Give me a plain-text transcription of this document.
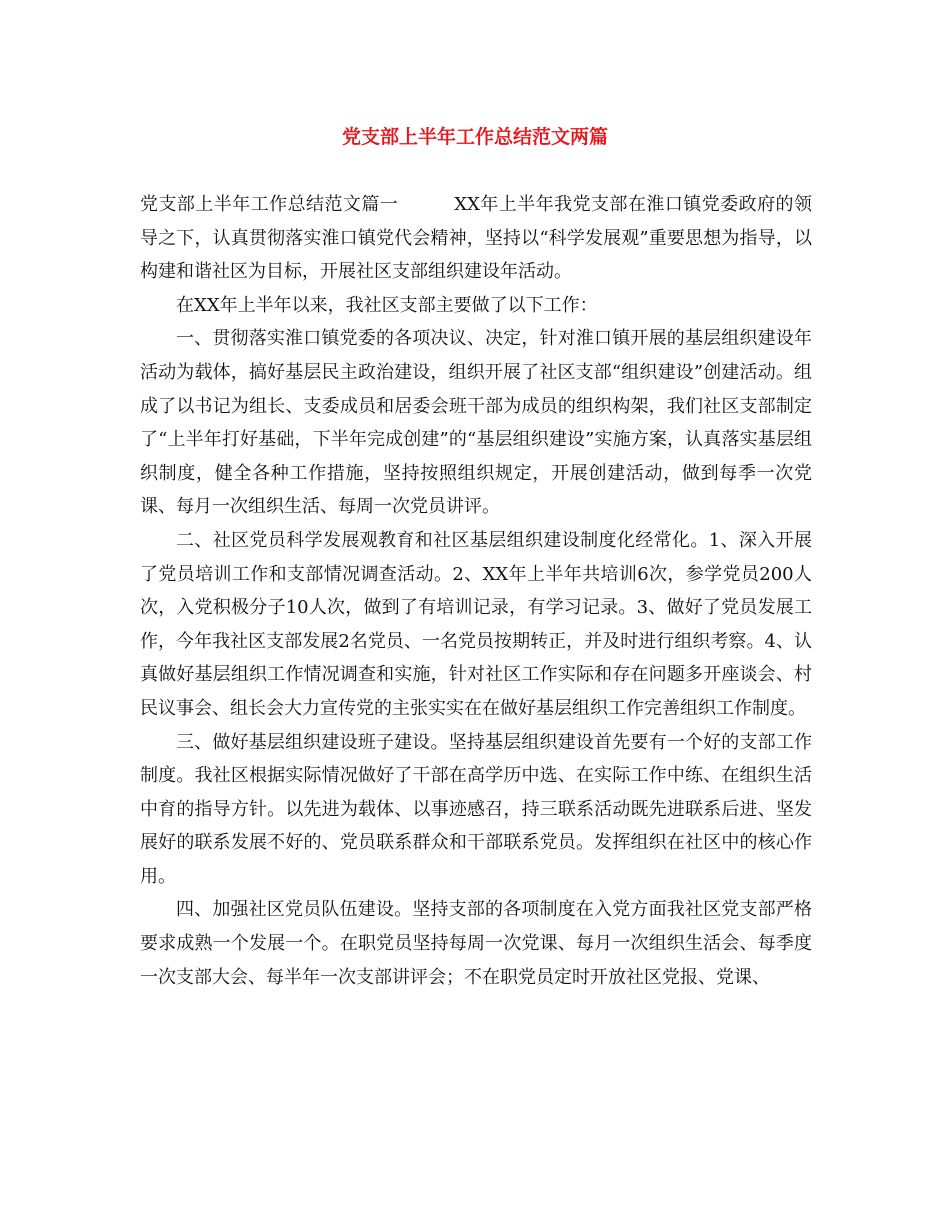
党支部上半年工作总结范文两篇

党支部上半年工作总结范文篇一	XX年上半年我党支部在淮口镇党委政府的领导之下，认真贯彻落实淮口镇党代会精神，坚持以“科学发展观”重要思想为指导，以构建和谐社区为目标，开展社区支部组织建设年活动。

在XX年上半年以来，我社区支部主要做了以下工作：

一、贯彻落实淮口镇党委的各项决议、决定，针对淮口镇开展的基层组织建设年活动为载体，搞好基层民主政治建设，组织开展了社区支部“组织建设”创建活动。组成了以书记为组长、支委成员和居委会班干部为成员的组织构架，我们社区支部制定了“上半年打好基础，下半年完成创建”的“基层组织建设”实施方案，认真落实基层组织制度，健全各种工作措施，坚持按照组织规定，开展创建活动，做到每季一次党课、每月一次组织生活、每周一次党员讲评。

二、社区党员科学发展观教育和社区基层组织建设制度化经常化。1、深入开展了党员培训工作和支部情况调查活动。2、XX年上半年共培训6次，参学党员200人次，入党积极分子10人次，做到了有培训记录，有学习记录。3、做好了党员发展工作，今年我社区支部发展2名党员、一名党员按期转正，并及时进行组织考察。4、认真做好基层组织工作情况调查和实施，针对社区工作实际和存在问题多开座谈会、村民议事会、组长会大力宣传党的主张实实在在做好基层组织工作完善组织工作制度。

三、做好基层组织建设班子建设。坚持基层组织建设首先要有一个好的支部工作制度。我社区根据实际情况做好了干部在高学历中选、在实际工作中练、在组织生活中育的指导方针。以先进为载体、以事迹感召，持三联系活动既先进联系后进、坚发展好的联系发展不好的、党员联系群众和干部联系党员。发挥组织在社区中的核心作用。

四、加强社区党员队伍建设。坚持支部的各项制度在入党方面我社区党支部严格要求成熟一个发展一个。在职党员坚持每周一次党课、每月一次组织生活会、每季度一次支部大会、每半年一次支部讲评会；不在职党员定时开放社区党报、党课、
